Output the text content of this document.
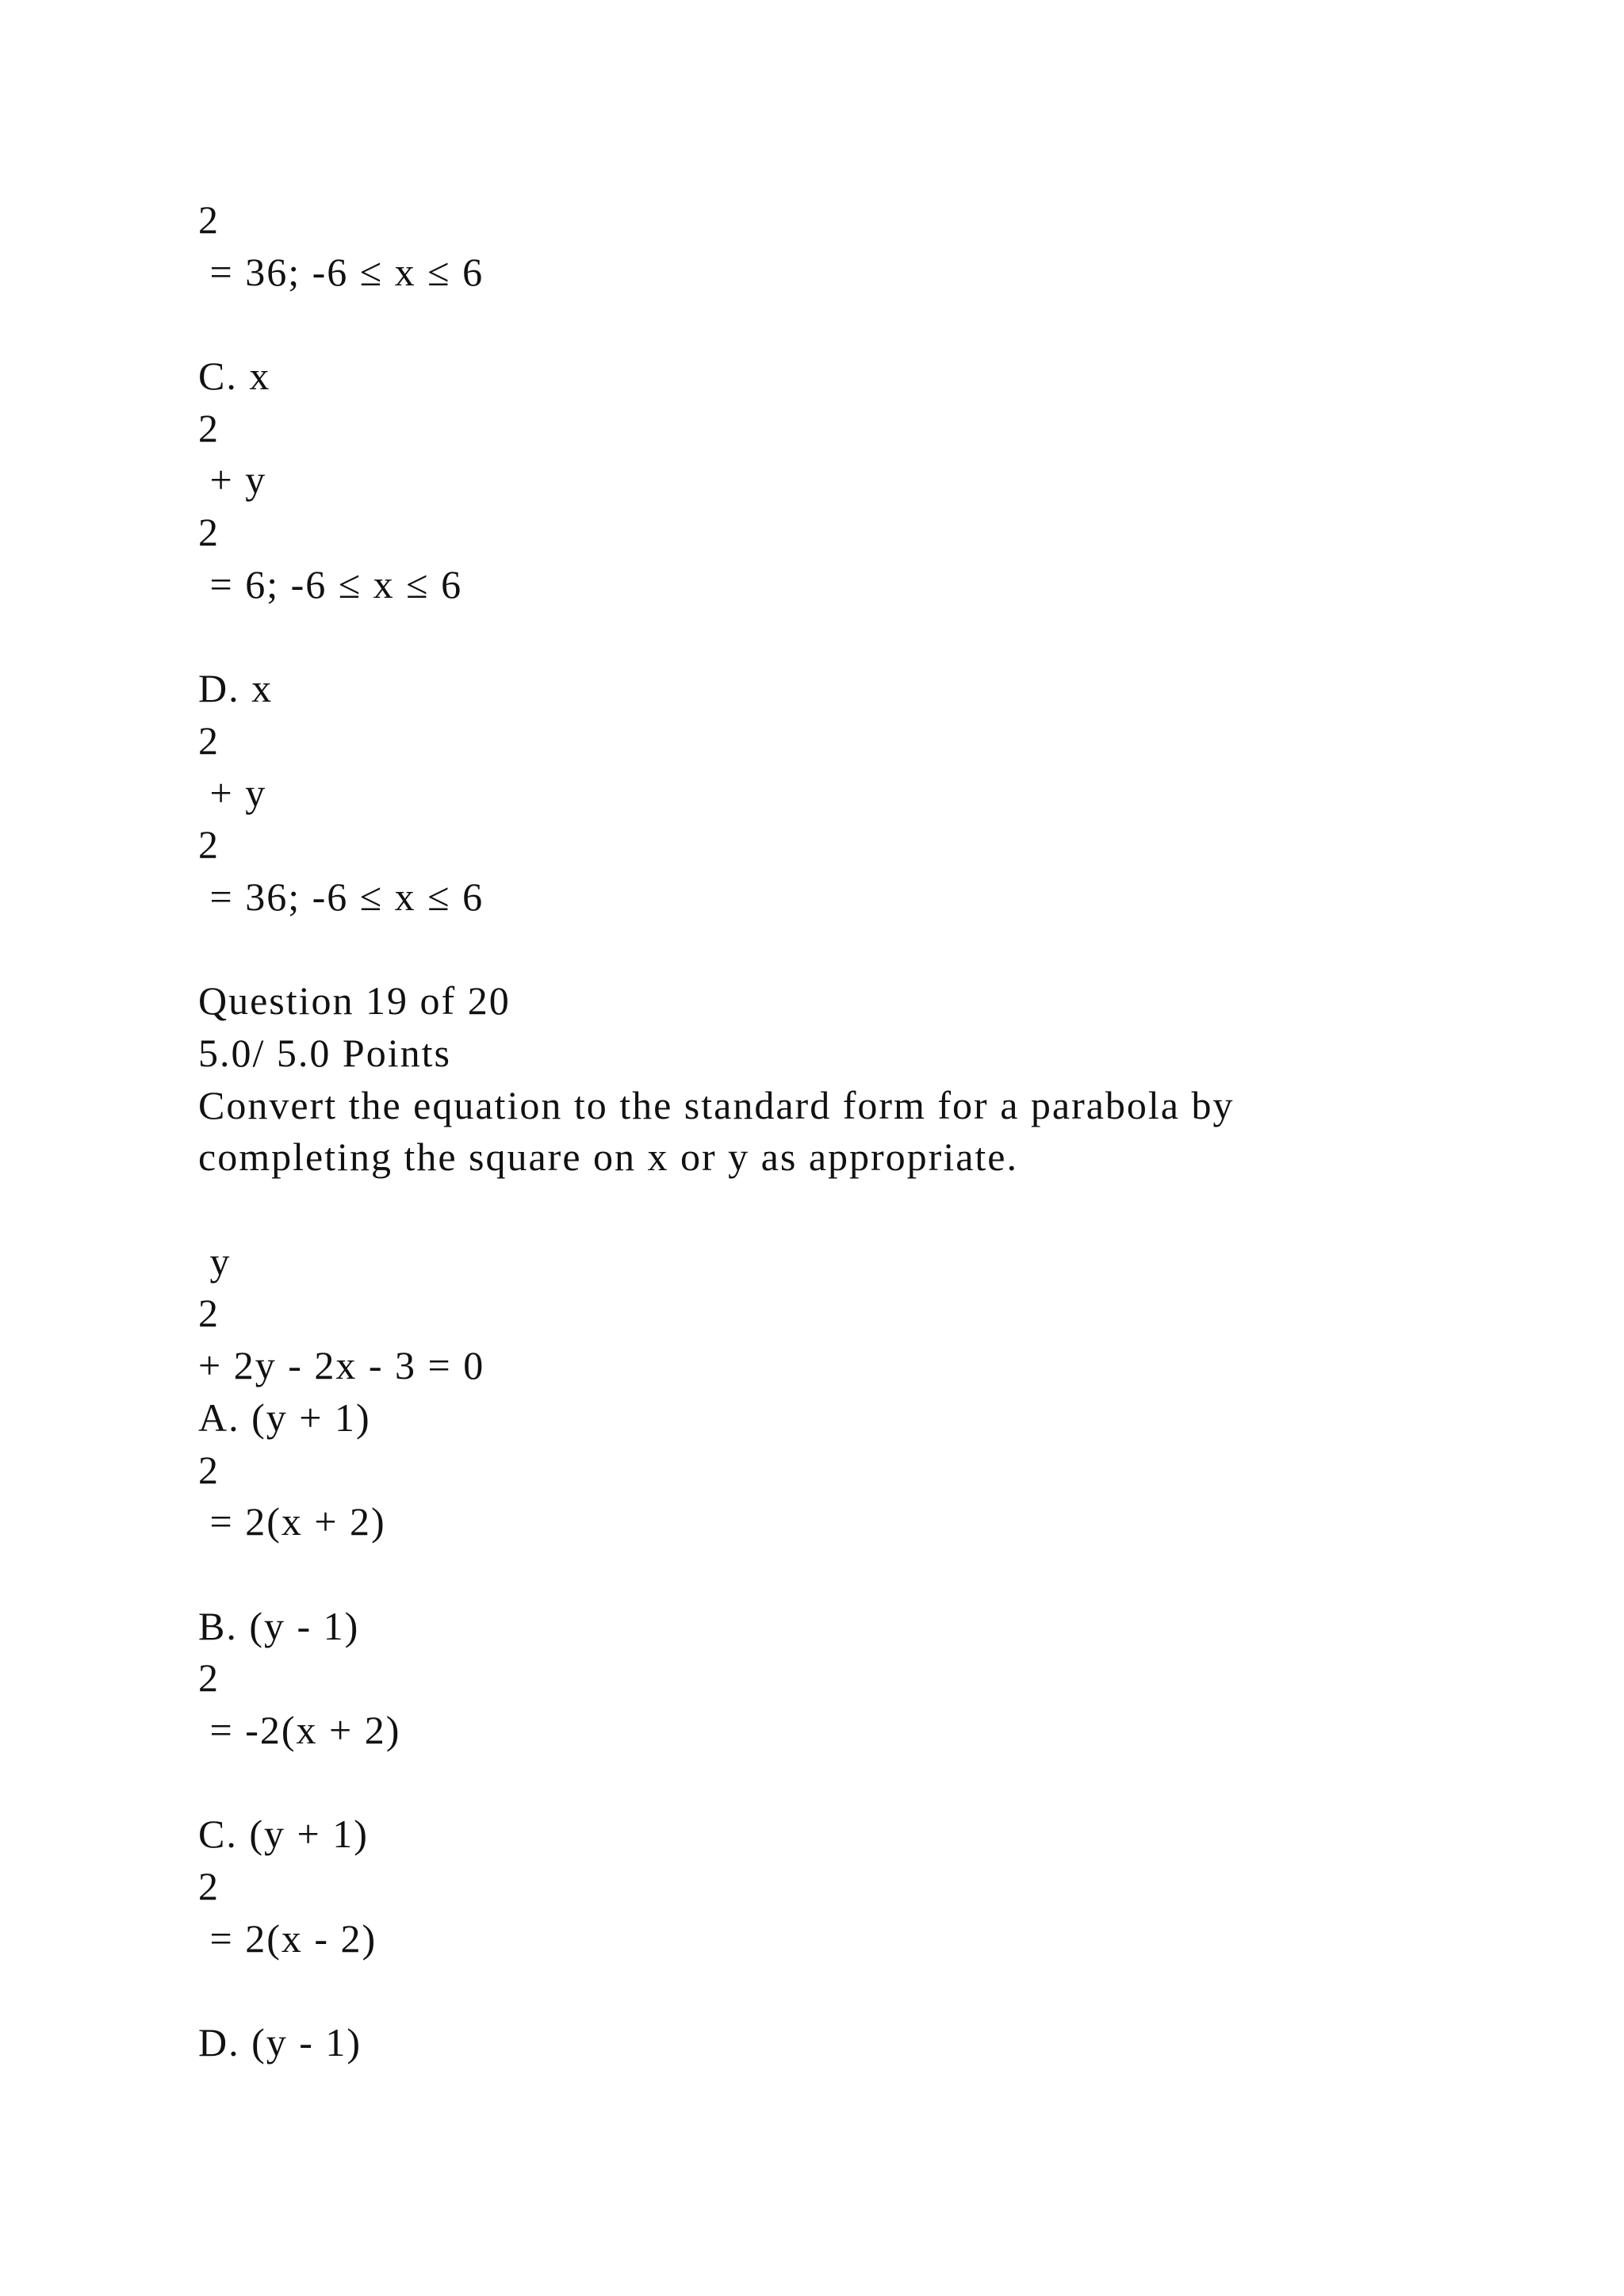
2
= 36; -6 ≤ x ≤ 6
C. x
2
+ y
2
= 6; -6 ≤ x ≤ 6
D. x
2
+ y
2
= 36; -6 ≤ x ≤ 6
Question 19 of 20
5.0/ 5.0 Points
Convert the equation to the standard form for a parabola by
completing the square on x or y as appropriate.
y
2
+ 2y - 2x - 3 = 0
A. (y + 1)
2
= 2(x + 2)
B. (y - 1)
2
= -2(x + 2)
C. (y + 1)
2
= 2(x - 2)
D. (y - 1)
